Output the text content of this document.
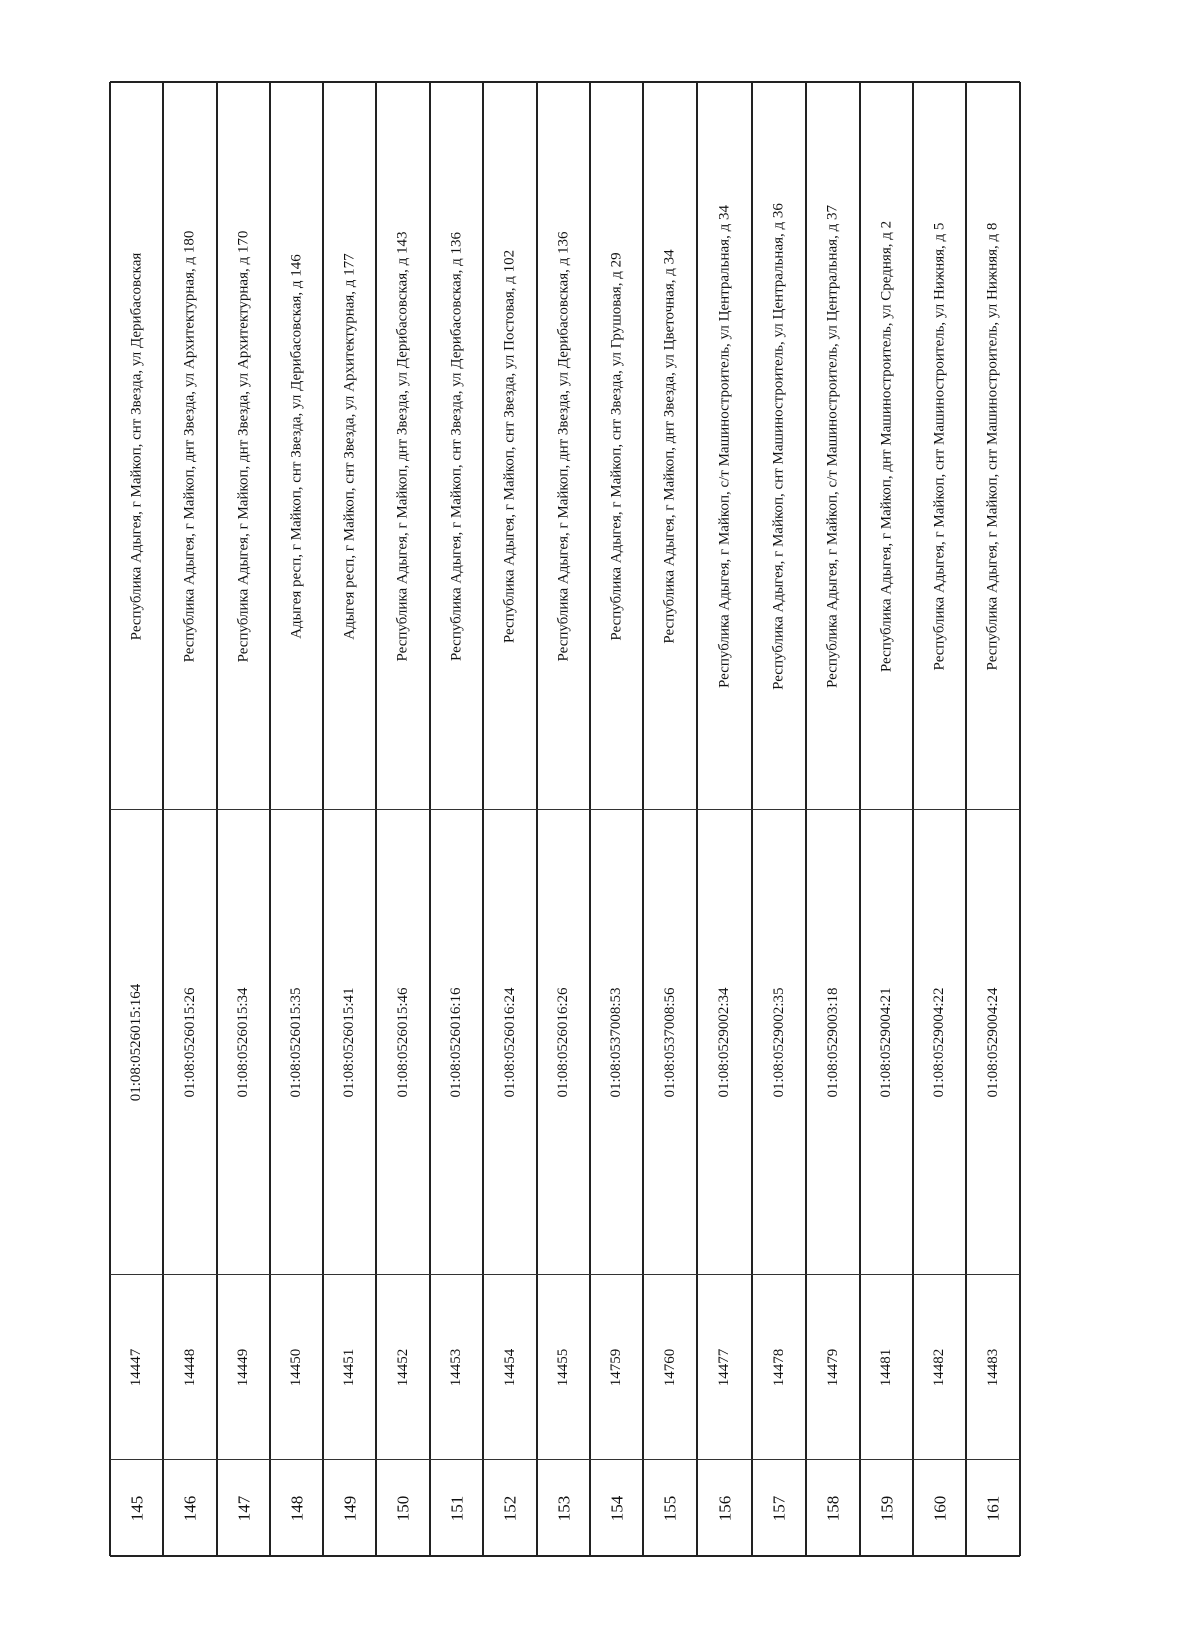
Республика Адыгея, г Майкоп, снт Звезда, ул Дерибасовская
01:08:0526015:164
14447
145
Республика Адыгея, г Майкоп, днт Звезда, ул Архитектурная, д 180
01:08:0526015:26
14448
146
Республика Адыгея, г Майкоп, днт Звезда, ул Архитектурная, д 170
01:08:0526015:34
14449
147
Адыгея респ, г Майкоп, снт Звезда, ул Дерибасовская, д 146
01:08:0526015:35
14450
148
Адыгея респ, г Майкоп, снт Звезда, ул Архитектурная, д 177
01:08:0526015:41
14451
149
Республика Адыгея, г Майкоп, днт Звезда, ул Дерибасовская, д 143
01:08:0526015:46
14452
150
Республика Адыгея, г Майкоп, снт Звезда, ул Дерибасовская, д 136
01:08:0526016:16
14453
151
Республика Адыгея, г Майкоп, снт Звезда, ул Постовая, д 102
01:08:0526016:24
14454
152
Республика Адыгея, г Майкоп, днт Звезда, ул Дерибасовская, д 136
01:08:0526016:26
14455
153
Республика Адыгея, г Майкоп, снт Звезда, ул Грушовая, д 29
01:08:0537008:53
14759
154
Республика Адыгея, г Майкоп, днт Звезда, ул Цветочная, д 34
01:08:0537008:56
14760
155
Республика Адыгея, г Майкоп, с/т Машиностроитель, ул Центральная, д 34
01:08:0529002:34
14477
156
Республика Адыгея, г Майкоп, снт Машиностроитель, ул Центральная, д 36
01:08:0529002:35
14478
157
Республика Адыгея, г Майкоп, с/т Машиностроитель, ул Центральная, д 37
01:08:0529003:18
14479
158
Республика Адыгея, г Майкоп, днт Машиностроитель, ул Средняя, д 2
01:08:0529004:21
14481
159
Республика Адыгея, г Майкоп, снт Машиностроитель, ул Нижняя, д 5
01:08:0529004:22
14482
160
Республика Адыгея, г Майкоп, снт Машиностроитель, ул Нижняя, д 8
01:08:0529004:24
14483
161
